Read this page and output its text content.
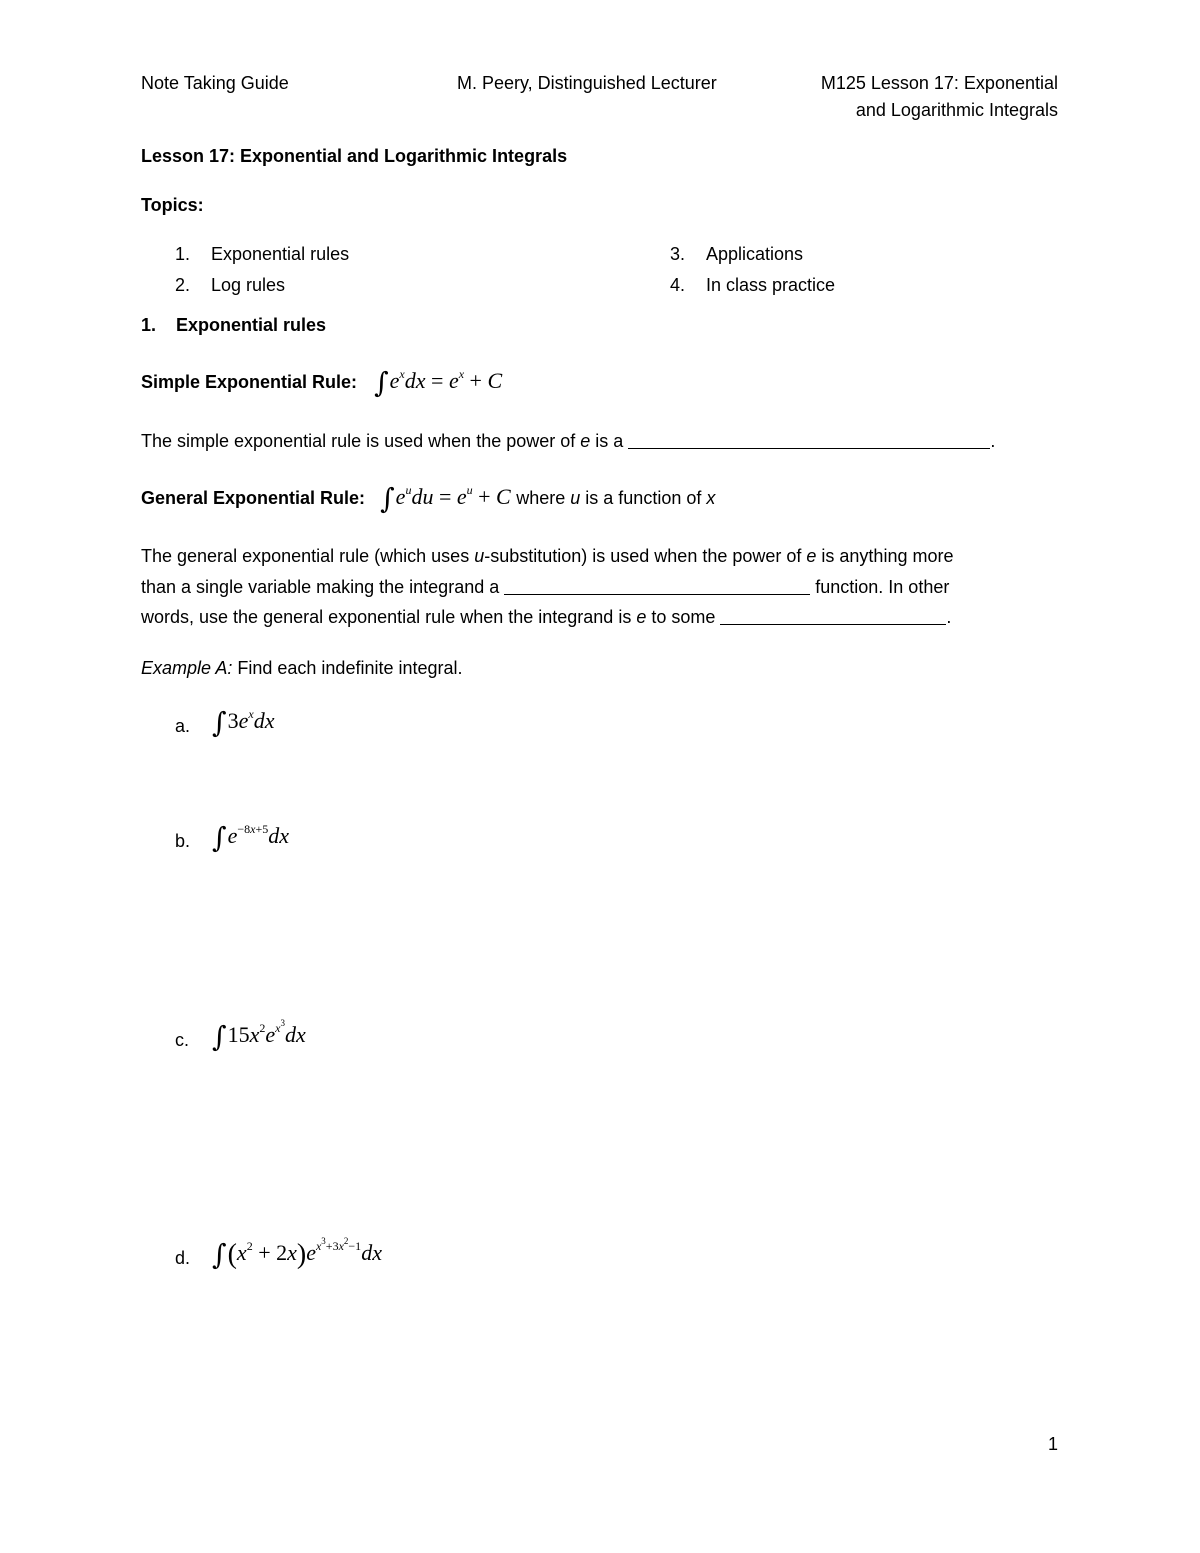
Note Taking Guide	M. Peery, Distinguished Lecturer	M125 Lesson 17: Exponential
and Logarithmic Integrals
Lesson 17: Exponential and Logarithmic Integrals
Topics:
1. Exponential rules
2. Log rules
3. Applications
4. In class practice
1. Exponential rules
Simple Exponential Rule: $\int e^xdx = e^x + C$
The simple exponential rule is used when the power of e is a	.
General Exponential Rule: $\int e^udu = e^u + C$ where u is a function of x
The general exponential rule (which uses u-substitution) is used when the power of e is anything more
than a single variable making the integrand a	function. In other
words, use the general exponential rule when the integrand is e to some	.
Example A: Find each indefinite integral.
a. $\int 3e^xdx$
b. $\int e^{-8x+5}dx$
c. $\int 15x^2e^{x^3}dx$
d. $\int(x^2 + 2x)e^{x^3+3x^2-1}dx$
1
